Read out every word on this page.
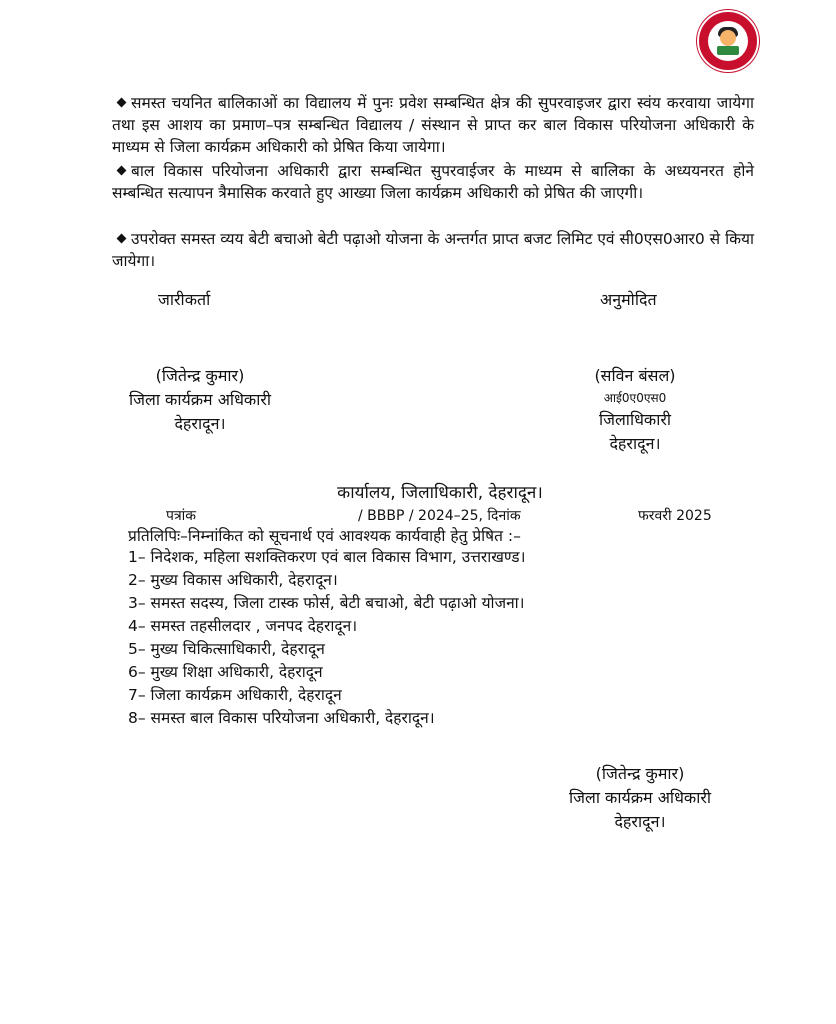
समस्त चयनित बालिकाओं का विद्यालय में पुनः प्रवेश सम्बन्धित क्षेत्र की सुपरवाइजर द्वारा स्वंय करवाया जायेगा तथा इस आशय का प्रमाण–पत्र सम्बन्धित विद्यालय / संस्थान से प्राप्त कर बाल विकास परियोजना अधिकारी के माध्यम से जिला कार्यक्रम अधिकारी को प्रेषित किया जायेगा।
बाल विकास परियोजना अधिकारी द्वारा सम्बन्धित सुपरवाईजर के माध्यम से बालिका के अध्ययनरत होने सम्बन्धित सत्यापन त्रैमासिक करवाते हुए आख्या जिला कार्यक्रम अधिकारी को प्रेषित की जाएगी।
उपरोक्त समस्त व्यय बेटी बचाओ बेटी पढ़ाओ योजना के अन्तर्गत प्राप्त बजट लिमिट एवं सी0एस0आर0 से किया जायेगा।
जारीकर्ता
(जितेन्द्र कुमार)
जिला कार्यक्रम अधिकारी
देहरादून।
अनुमोदित
(सविन बंसल)
आई0ए0एस0
जिलाधिकारी
देहरादून।
कार्यालय, जिलाधिकारी, देहरादून।
पत्रांक	/ BBBP / 2024–25, दिनांक	फरवरी 2025
प्रतिलिपिः–निम्नांकित को सूचनार्थ एवं आवश्यक कार्यवाही हेतु प्रेषित :–
1– निदेशक, महिला सशक्तिकरण एवं बाल विकास विभाग, उत्तराखण्ड।
2– मुख्य विकास अधिकारी, देहरादून।
3– समस्त सदस्य, जिला टास्क फोर्स, बेटी बचाओ, बेटी पढ़ाओ योजना।
4– समस्त तहसीलदार , जनपद देहरादून।
5– मुख्य चिकित्साधिकारी, देहरादून
6– मुख्य शिक्षा अधिकारी, देहरादून
7– जिला कार्यक्रम अधिकारी, देहरादून
8– समस्त बाल विकास परियोजना अधिकारी, देहरादून।
(जितेन्द्र कुमार)
जिला कार्यक्रम अधिकारी
देहरादून।
